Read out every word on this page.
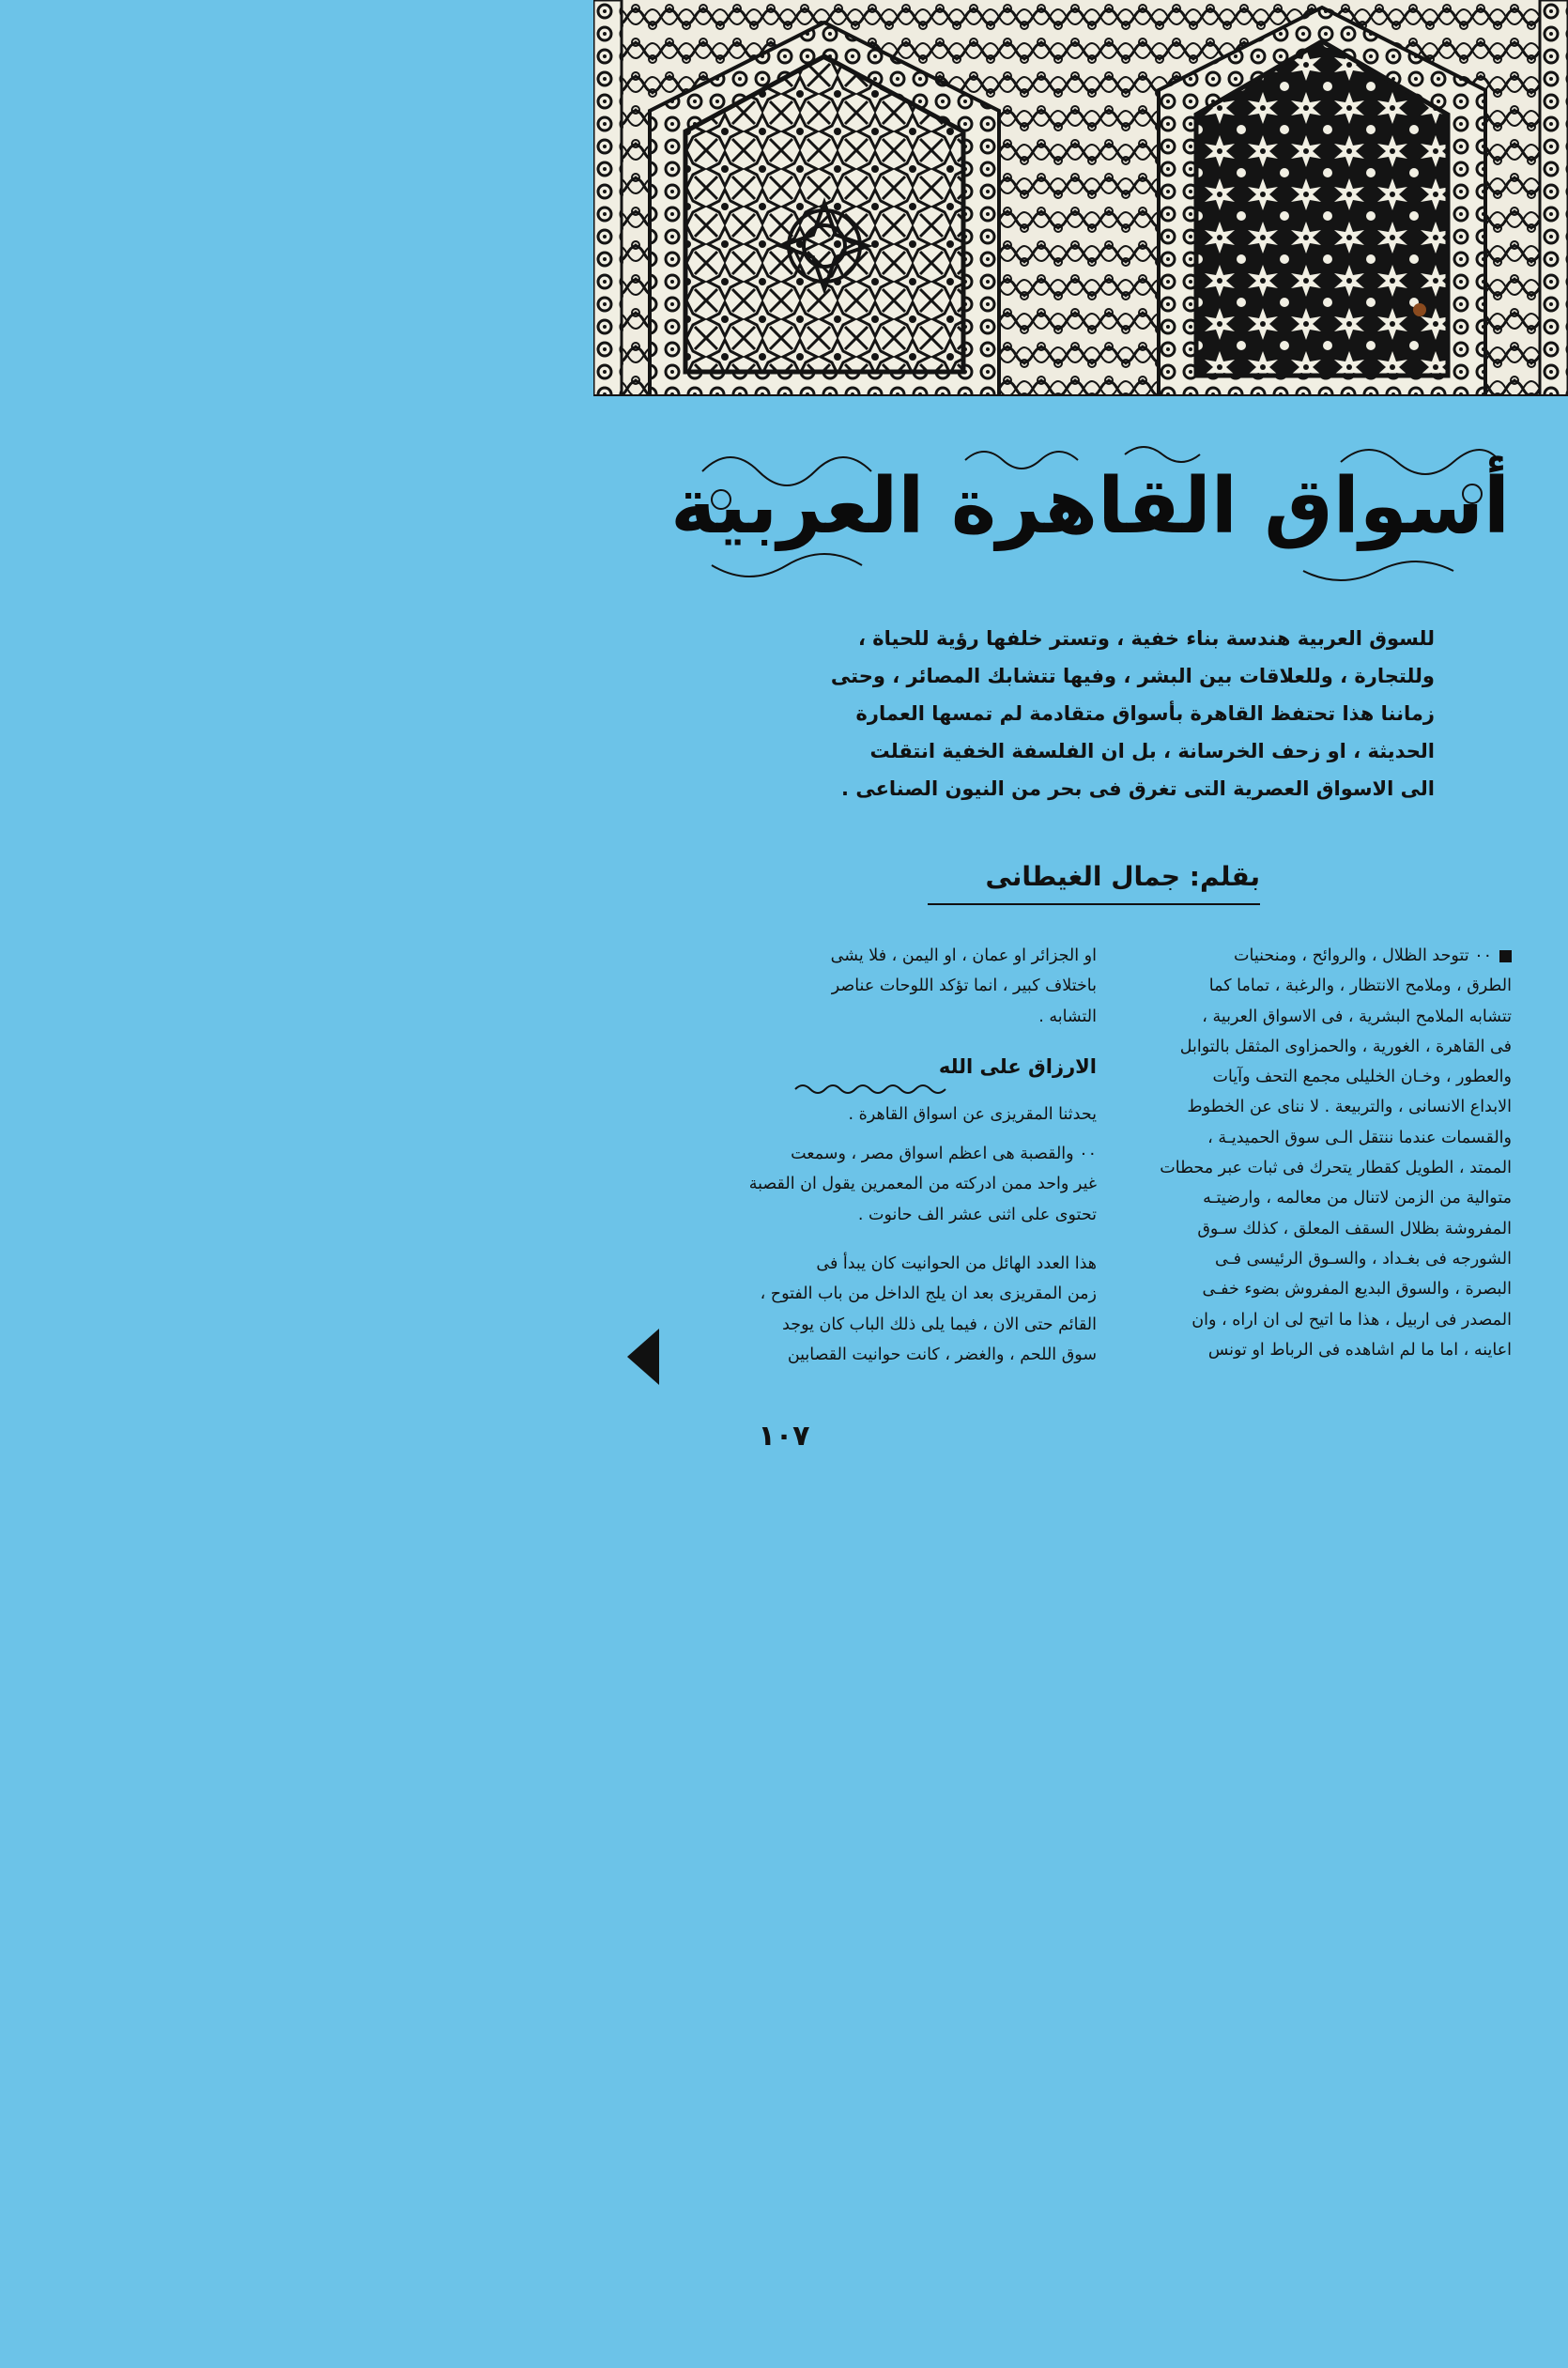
أسواق القاهرة العربية
للسوق العربية هندسة بناء خفية ، وتستر خلفها رؤية للحياة ،
وللتجارة ، وللعلاقات بين البشر ، وفيها تتشابك المصائر ، وحتى
زماننا هذا تحتفظ القاهرة بأسواق متقادمة لم تمسها العمارة
الحديثة ، او زحف الخرسانة ، بل ان الفلسفة الخفية انتقلت
الى الاسواق العصرية التى تغرق فى بحر من النيون الصناعى .
بقلم: جمال الغيطانى
٠٠ تتوحد الظلال ، والروائح ، ومنحنيات
الطرق ، وملامح الانتظار ، والرغبة ، تماما كما
تتشابه الملامح البشرية ، فى الاسواق العربية ،
فى القاهرة ، الغورية ، والحمزاوى المثقل بالتوابل
والعطور ، وخـان الخليلى مجمع التحف وآيات
الابداع الانسانى ، والتربيعة . لا نناى عن الخطوط
والقسمات عندما ننتقل الـى سوق الحميديـة ،
الممتد ، الطويل كقطار يتحرك فى ثبات عبر محطات
متوالية من الزمن لاتنال من معالمه ، وارضيتـه
المفروشة بظلال السقف المعلق ، كذلك سـوق
الشورجه فى بغـداد ، والسـوق الرئيسى فـى
البصرة ، والسوق البديع المفروش بضوء خفـى
المصدر فى اربيل ، هذا ما اتيح لى ان اراه ، وان
اعاينه ، اما ما لم اشاهده فى الرباط او تونس
او الجزائر او عمان ، او اليمن ، فلا يشى
باختلاف كبير ، انما تؤكد اللوحات عناصر
التشابه .
الارزاق على الله
يحدثنا المقريزى عن اسواق القاهرة .
٠٠ والقصبة هى اعظم اسواق مصر ، وسمعت
غير واحد ممن ادركته من المعمرين يقول ان القصبة
تحتوى على اثنى عشر الف حانوت .
هذا العدد الهائل من الحوانيت كان يبدأ فى
زمن المقريزى بعد ان يلج الداخل من باب الفتوح ،
القائم حتى الان ، فيما يلى ذلك الباب كان يوجد
سوق اللحم ، والغضر ، كانت حوانيت القصابين
١٠٧
